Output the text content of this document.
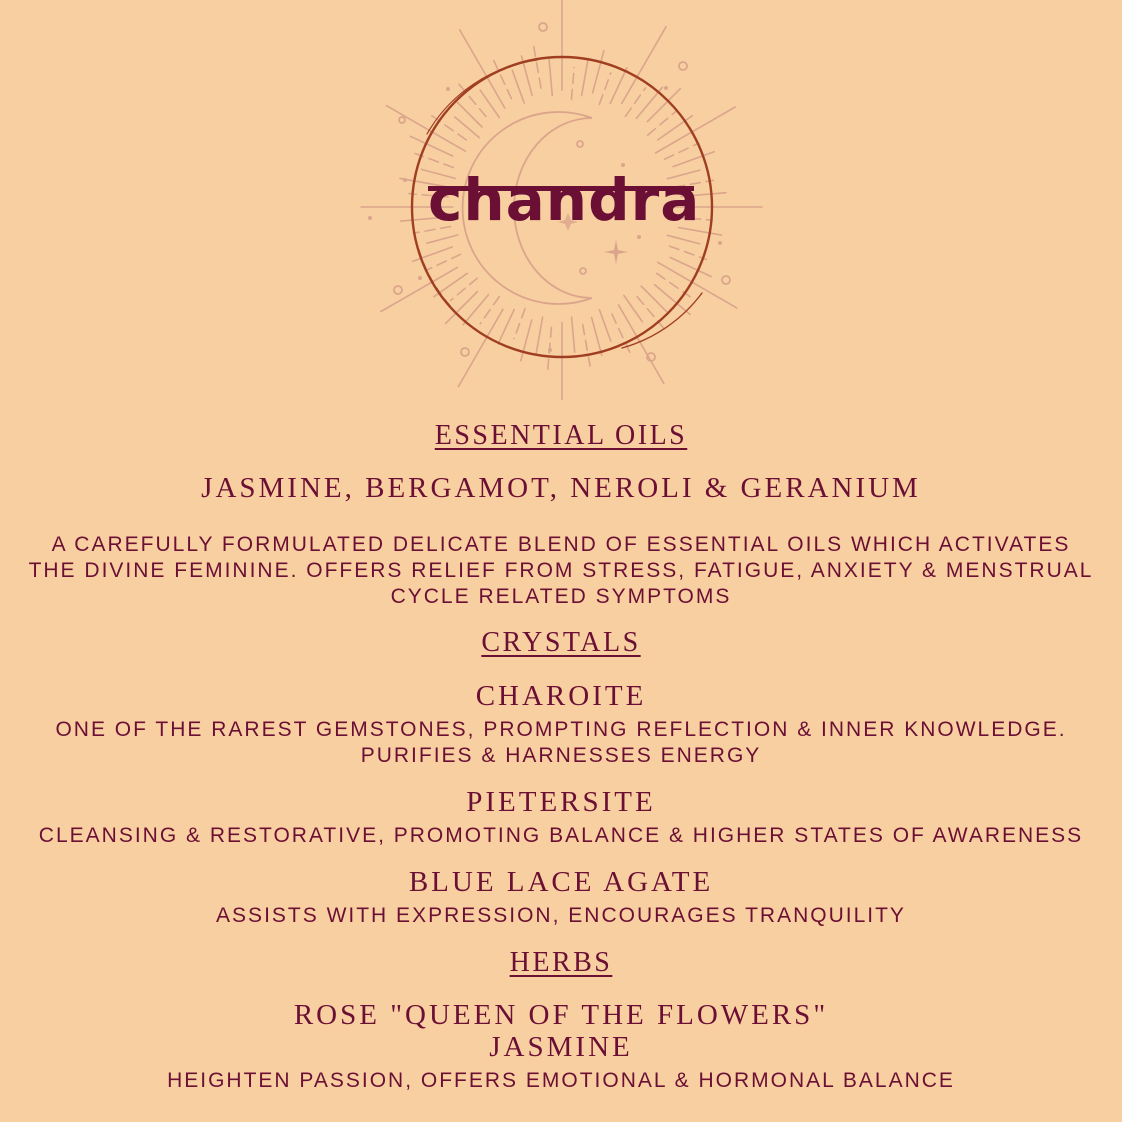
chandra
ESSENTIAL OILS
JASMINE, BERGAMOT, NEROLI & GERANIUM
A CAREFULLY FORMULATED DELICATE BLEND OF ESSENTIAL OILS WHICH ACTIVATES
THE DIVINE FEMININE. OFFERS RELIEF FROM STRESS, FATIGUE, ANXIETY & MENSTRUAL
CYCLE RELATED SYMPTOMS
CRYSTALS
CHAROITE
ONE OF THE RAREST GEMSTONES, PROMPTING REFLECTION & INNER KNOWLEDGE.
PURIFIES & HARNESSES ENERGY
PIETERSITE
CLEANSING & RESTORATIVE, PROMOTING BALANCE & HIGHER STATES OF AWARENESS
BLUE LACE AGATE
ASSISTS WITH EXPRESSION, ENCOURAGES TRANQUILITY
HERBS
ROSE "QUEEN OF THE FLOWERS"
JASMINE
HEIGHTEN PASSION, OFFERS EMOTIONAL & HORMONAL BALANCE
